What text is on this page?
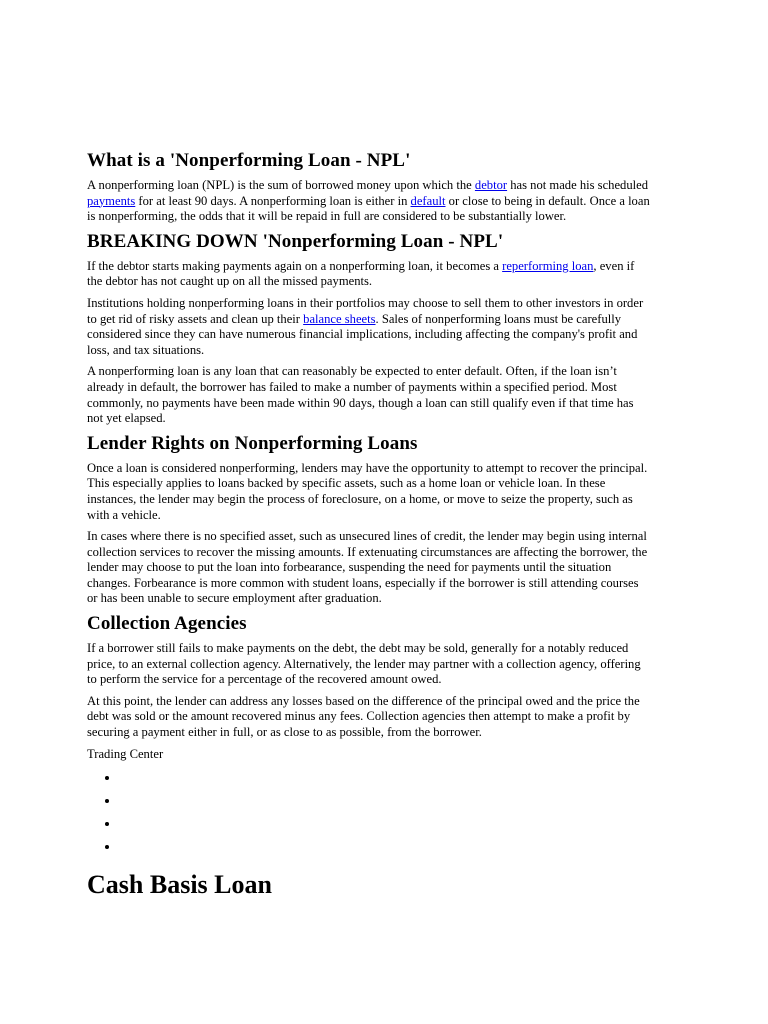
What is a 'Nonperforming Loan - NPL'

A nonperforming loan (NPL) is the sum of borrowed money upon which the debtor has not made his scheduled payments for at least 90 days. A nonperforming loan is either in default or close to being in default. Once a loan is nonperforming, the odds that it will be repaid in full are considered to be substantially lower.

BREAKING DOWN 'Nonperforming Loan - NPL'

If the debtor starts making payments again on a nonperforming loan, it becomes a reperforming loan, even if the debtor has not caught up on all the missed payments.

Institutions holding nonperforming loans in their portfolios may choose to sell them to other investors in order to get rid of risky assets and clean up their balance sheets. Sales of nonperforming loans must be carefully considered since they can have numerous financial implications, including affecting the company's profit and loss, and tax situations.

A nonperforming loan is any loan that can reasonably be expected to enter default. Often, if the loan isn’t already in default, the borrower has failed to make a number of payments within a specified period. Most commonly, no payments have been made within 90 days, though a loan can still qualify even if that time has not yet elapsed.

Lender Rights on Nonperforming Loans

Once a loan is considered nonperforming, lenders may have the opportunity to attempt to recover the principal. This especially applies to loans backed by specific assets, such as a home loan or vehicle loan. In these instances, the lender may begin the process of foreclosure, on a home, or move to seize the property, such as with a vehicle.

In cases where there is no specified asset, such as unsecured lines of credit, the lender may begin using internal collection services to recover the missing amounts. If extenuating circumstances are affecting the borrower, the lender may choose to put the loan into forbearance, suspending the need for payments until the situation changes. Forbearance is more common with student loans, especially if the borrower is still attending courses or has been unable to secure employment after graduation.

Collection Agencies

If a borrower still fails to make payments on the debt, the debt may be sold, generally for a notably reduced price, to an external collection agency. Alternatively, the lender may partner with a collection agency, offering to perform the service for a percentage of the recovered amount owed.

At this point, the lender can address any losses based on the difference of the principal owed and the price the debt was sold or the amount recovered minus any fees. Collection agencies then attempt to make a profit by securing a payment either in full, or as close to as possible, from the borrower.

Trading Center

Cash Basis Loan
